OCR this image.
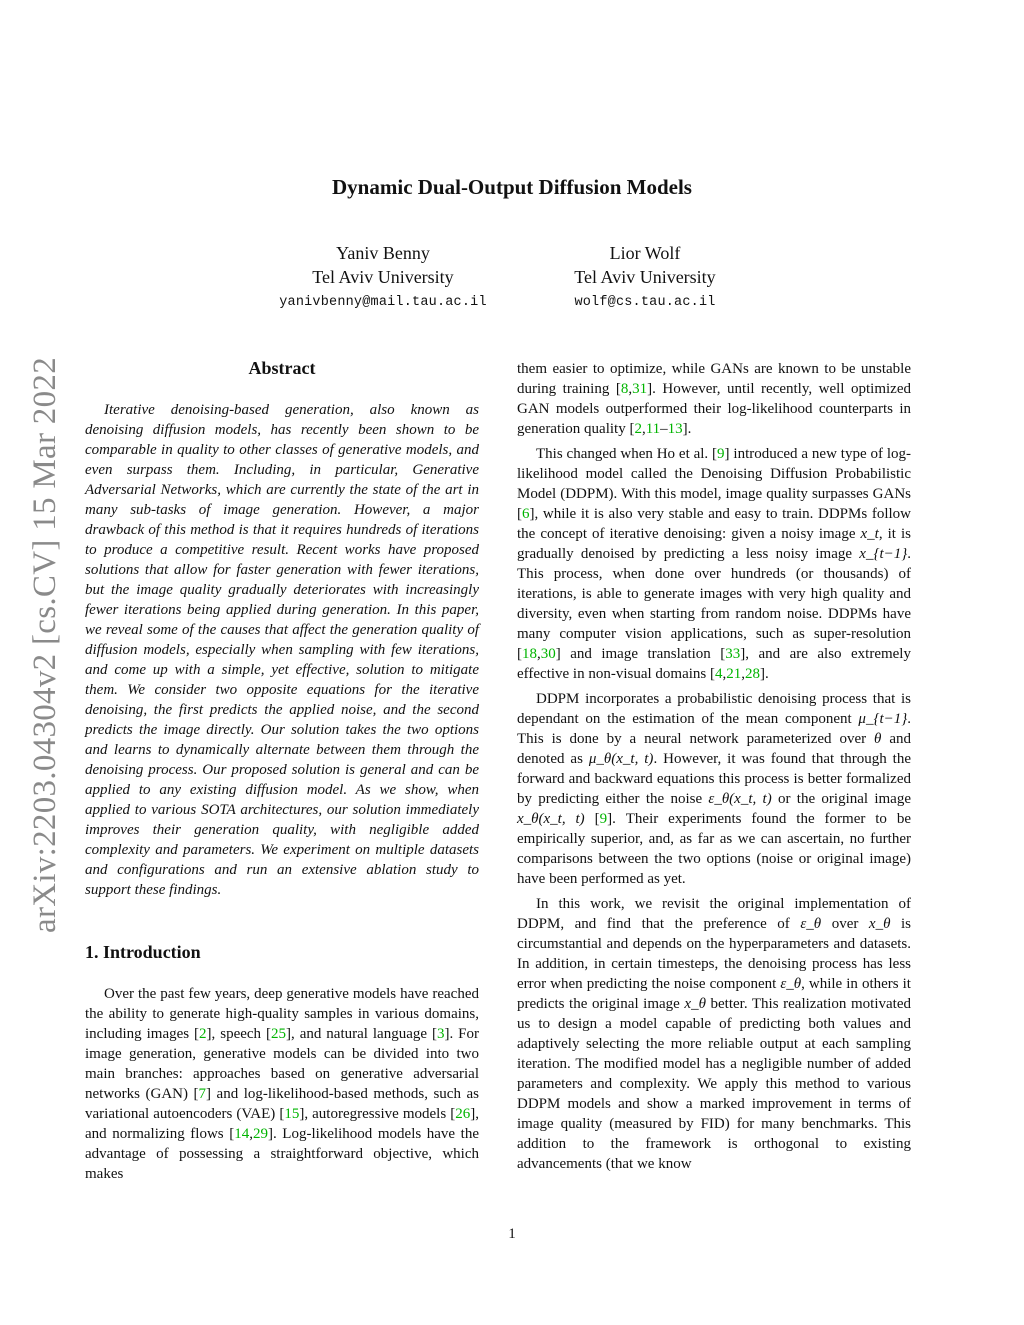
Dynamic Dual-Output Diffusion Models
Yaniv Benny
Tel Aviv University
yanivbenny@mail.tau.ac.il
Lior Wolf
Tel Aviv University
wolf@cs.tau.ac.il
arXiv:2203.04304v2 [cs.CV] 15 Mar 2022	Abstract

Iterative denoising-based generation, also known as denoising diffusion models, has recently been shown to be comparable in quality to other classes of generative models, and even surpass them. Including, in particular, Generative Adversarial Networks, which are currently the state of the art in many sub-tasks of image generation. However, a major drawback of this method is that it requires hundreds of iterations to produce a competitive result. Recent works have proposed solutions that allow for faster generation with fewer iterations, but the image quality gradually deteriorates with increasingly fewer iterations being applied during generation. In this paper, we reveal some of the causes that affect the generation quality of diffusion models, especially when sampling with few iterations, and come up with a simple, yet effective, solution to mitigate them. We consider two opposite equations for the iterative denoising, the first predicts the applied noise, and the second predicts the image directly. Our solution takes the two options and learns to dynamically alternate between them through the denoising process. Our proposed solution is general and can be applied to any existing diffusion model. As we show, when applied to various SOTA architectures, our solution immediately improves their generation quality, with negligible added complexity and parameters. We experiment on multiple datasets and configurations and run an extensive ablation study to support these findings.

1. Introduction

Over the past few years, deep generative models have reached the ability to generate high-quality samples in various domains, including images [2], speech [25], and natural language [3]. For image generation, generative models can be divided into two main branches: approaches based on generative adversarial networks (GAN) [7] and log-likelihood-based methods, such as variational autoencoders (VAE) [15], autoregressive models [26], and normalizing flows [14,29]. Log-likelihood models have the advantage of possessing a straightforward objective, which makes

them easier to optimize, while GANs are known to be unstable during training [8,31]. However, until recently, well optimized GAN models outperformed their log-likelihood counterparts in generation quality [2,11–13].

This changed when Ho et al. [9] introduced a new type of log-likelihood model called the Denoising Diffusion Probabilistic Model (DDPM). With this model, image quality surpasses GANs [6], while it is also very stable and easy to train. DDPMs follow the concept of iterative denoising: given a noisy image x_t, it is gradually denoised by predicting a less noisy image x_{t−1}. This process, when done over hundreds (or thousands) of iterations, is able to generate images with very high quality and diversity, even when starting from random noise. DDPMs have many computer vision applications, such as super-resolution [18,30] and image translation [33], and are also extremely effective in non-visual domains [4,21,28].

DDPM incorporates a probabilistic denoising process that is dependant on the estimation of the mean component μ_{t−1}. This is done by a neural network parameterized over θ and denoted as μ_θ(x_t, t). However, it was found that through the forward and backward equations this process is better formalized by predicting either the noise ε_θ(x_t, t) or the original image x_θ(x_t, t) [9]. Their experiments found the former to be empirically superior, and, as far as we can ascertain, no further comparisons between the two options (noise or original image) have been performed as yet.

In this work, we revisit the original implementation of DDPM, and find that the preference of ε_θ over x_θ is circumstantial and depends on the hyperparameters and datasets. In addition, in certain timesteps, the denoising process has less error when predicting the noise component ε_θ, while in others it predicts the original image x_θ better. This realization motivated us to design a model capable of predicting both values and adaptively selecting the more reliable output at each sampling iteration. The modified model has a negligible number of added parameters and complexity. We apply this method to various DDPM models and show a marked improvement in terms of image quality (measured by FID) for many benchmarks. This addition to the framework is orthogonal to existing advancements (that we know

1
